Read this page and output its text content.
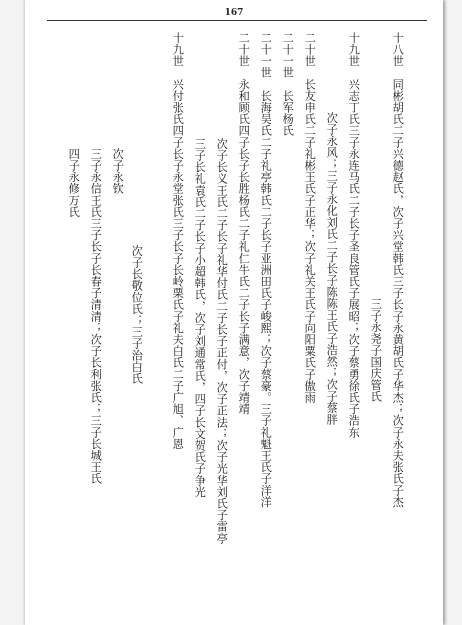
167
十八世　同彬胡氏二子兴德赵氏，次子兴堂韩氏三子长子永黄胡氏子华杰；次子永夫张氏子杰
三子永尧子国庆管氏
十九世　兴志丁氏三子永连马氏二子长子圣良管氏子展昭；次子蔡勇徐氏子浩东
次子永风；三子永化刘氏二子长子陈陈王氏子浩然；次子蔡胖
二十世　长友申氏二子礼彬王氏子正华；次子礼关王氏子向阳粟氏子傲雨
二十一世　长军杨氏
二十一世　长海吴氏二子礼亭韩氏二子长子亚洲田氏子峻熙；次子蔡豪。三子礼魁王氏子洋洋
二十世　永和顾氏四子长子长胜杨氏二子礼仁牛氏二子长子满意，次子靖靖
次子长义王氏二子长子礼华付氏二子长子正付，次子正法；次子光华刘氏子雷亭
三子长礼袁氏二子长子小超韩氏，次子刘通常氏，四子长文贺氏子争光
十九世　兴付张氏四子长子永堂张氏三子长子长岭栗氏子礼夫白氏二子广旭、广恩
次子长敬位氏；三子治白氏
次子永钦
三子永信王氏三子长子长春子清清；次子长利张氏；三子长城王氏
四子永修万氏
